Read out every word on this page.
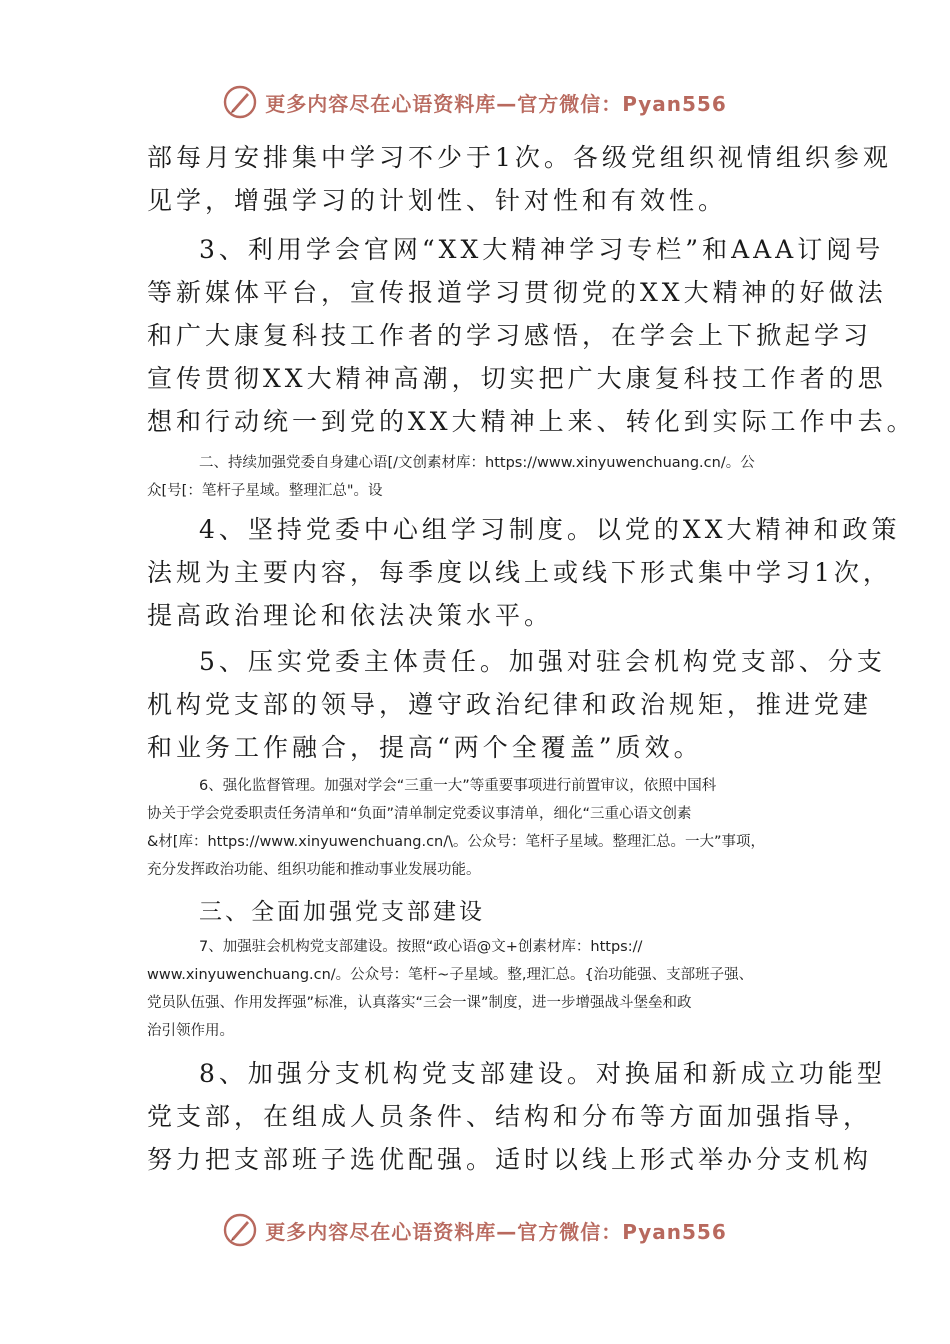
更多内容尽在心语资料库—官方微信：Pyan556
部每月安排集中学习不少于1次。各级党组织视情组织参观
见学，增强学习的计划性、针对性和有效性。
3、利用学会官网“XX大精神学习专栏”和AAA订阅号
等新媒体平台，宣传报道学习贯彻党的XX大精神的好做法
和广大康复科技工作者的学习感悟，在学会上下掀起学习
宣传贯彻XX大精神高潮，切实把广大康复科技工作者的思
想和行动统一到党的XX大精神上来、转化到实际工作中去。
二、持续加强党委自身建心语[/文创素材库：https://www.xinyuwenchuang.cn/。公
众[号[：笔杆子星域。整理汇总"。设
4、坚持党委中心组学习制度。以党的XX大精神和政策
法规为主要内容，每季度以线上或线下形式集中学习1次，
提高政治理论和依法决策水平。
5、压实党委主体责任。加强对驻会机构党支部、分支
机构党支部的领导，遵守政治纪律和政治规矩，推进党建
和业务工作融合，提高“两个全覆盖”质效。
6、强化监督管理。加强对学会“三重一大”等重要事项进行前置审议，依照中国科
协关于学会党委职责任务清单和“负面”清单制定党委议事清单，细化“三重心语文创素
&材[库：https://www.xinyuwenchuang.cn/\。公众号：笔杆子星域。整理汇总。一大”事项，
充分发挥政治功能、组织功能和推动事业发展功能。
三、全面加强党支部建设
7、加强驻会机构党支部建设。按照“政心语@文+创素材库：https://
www.xinyuwenchuang.cn/。公众号：笔杆~子星域。整,理汇总。{治功能强、支部班子强、
党员队伍强、作用发挥强”标准，认真落实“三会一课”制度，进一步增强战斗堡垒和政
治引领作用。
8、加强分支机构党支部建设。对换届和新成立功能型
党支部，在组成人员条件、结构和分布等方面加强指导，
努力把支部班子选优配强。适时以线上形式举办分支机构
更多内容尽在心语资料库—官方微信：Pyan556
